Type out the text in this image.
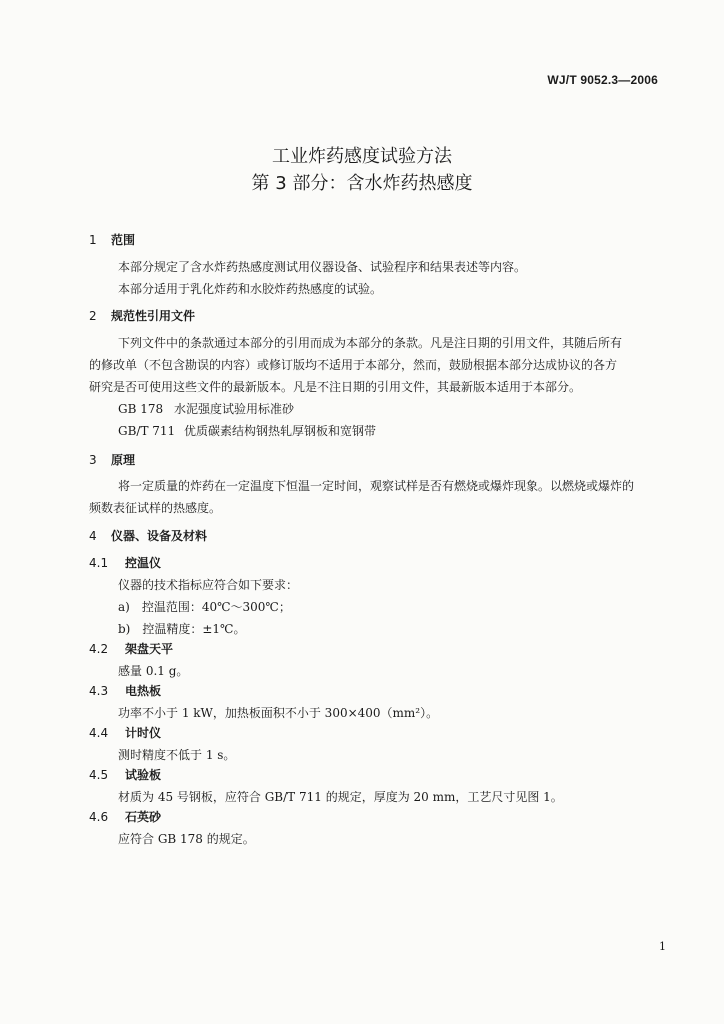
WJ/T 9052.3—2006
工业炸药感度试验方法
第 3 部分：含水炸药热感度
1 范围
本部分规定了含水炸药热感度测试用仪器设备、试验程序和结果表述等内容。
本部分适用于乳化炸药和水胶炸药热感度的试验。
2 规范性引用文件
下列文件中的条款通过本部分的引用而成为本部分的条款。凡是注日期的引用文件，其随后所有
的修改单（不包含勘误的内容）或修订版均不适用于本部分，然而，鼓励根据本部分达成协议的各方
研究是否可使用这些文件的最新版本。凡是不注日期的引用文件，其最新版本适用于本部分。
GB 178 水泥强度试验用标准砂
GB/T 711 优质碳素结构钢热轧厚钢板和宽钢带
3 原理
将一定质量的炸药在一定温度下恒温一定时间，观察试样是否有燃烧或爆炸现象。以燃烧或爆炸的
频数表征试样的热感度。
4 仪器、设备及材料
4.1 控温仪
仪器的技术指标应符合如下要求：
a)　控温范围：40℃～300℃；
b)　控温精度：±1℃。
4.2 架盘天平
感量 0.1 g。
4.3 电热板
功率不小于 1 kW，加热板面积不小于 300×400（mm²）。
4.4 计时仪
测时精度不低于 1 s。
4.5 试验板
材质为 45 号钢板，应符合 GB/T 711 的规定，厚度为 20 mm，工艺尺寸见图 1。
4.6 石英砂
应符合 GB 178 的规定。
1
